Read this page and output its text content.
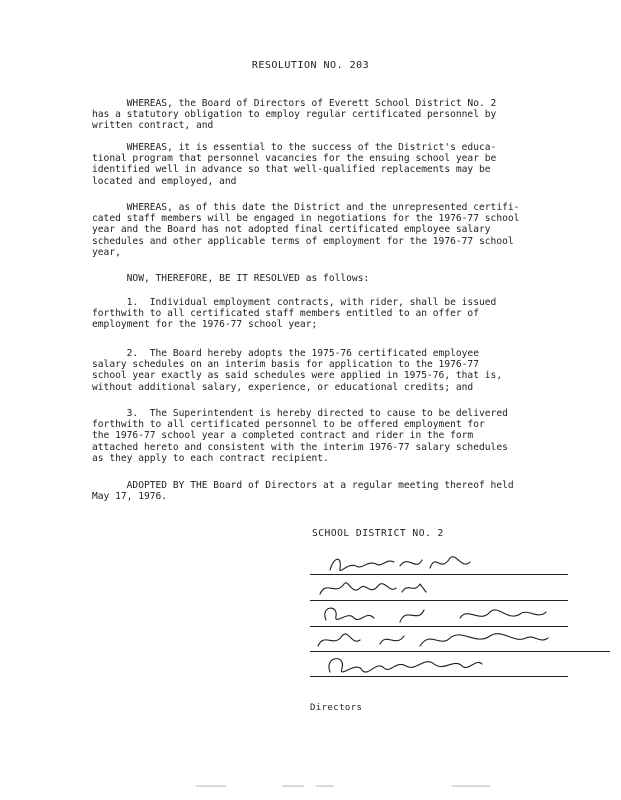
RESOLUTION NO. 203
WHEREAS, the Board of Directors of Everett School District No. 2
has a statutory obligation to employ regular certificated personnel by
written contract, and
WHEREAS, it is essential to the success of the District's educa-
tional program that personnel vacancies for the ensuing school year be
identified well in advance so that well-qualified replacements may be
located and employed, and
WHEREAS, as of this date the District and the unrepresented certifi-
cated staff members will be engaged in negotiations for the 1976-77 school
year and the Board has not adopted final certificated employee salary
schedules and other applicable terms of employment for the 1976-77 school
year,
NOW, THEREFORE, BE IT RESOLVED as follows:
1.  Individual employment contracts, with rider, shall be issued
forthwith to all certificated staff members entitled to an offer of
employment for the 1976-77 school year;
2.  The Board hereby adopts the 1975-76 certificated employee
salary schedules on an interim basis for application to the 1976-77
school year exactly as said schedules were applied in 1975-76, that is,
without additional salary, experience, or educational credits; and
3.  The Superintendent is hereby directed to cause to be delivered
forthwith to all certificated personnel to be offered employment for
the 1976-77 school year a completed contract and rider in the form
attached hereto and consistent with the interim 1976-77 salary schedules
as they apply to each contract recipient.
ADOPTED BY THE Board of Directors at a regular meeting thereof held
May 17, 1976.
SCHOOL DISTRICT NO. 2
Directors
